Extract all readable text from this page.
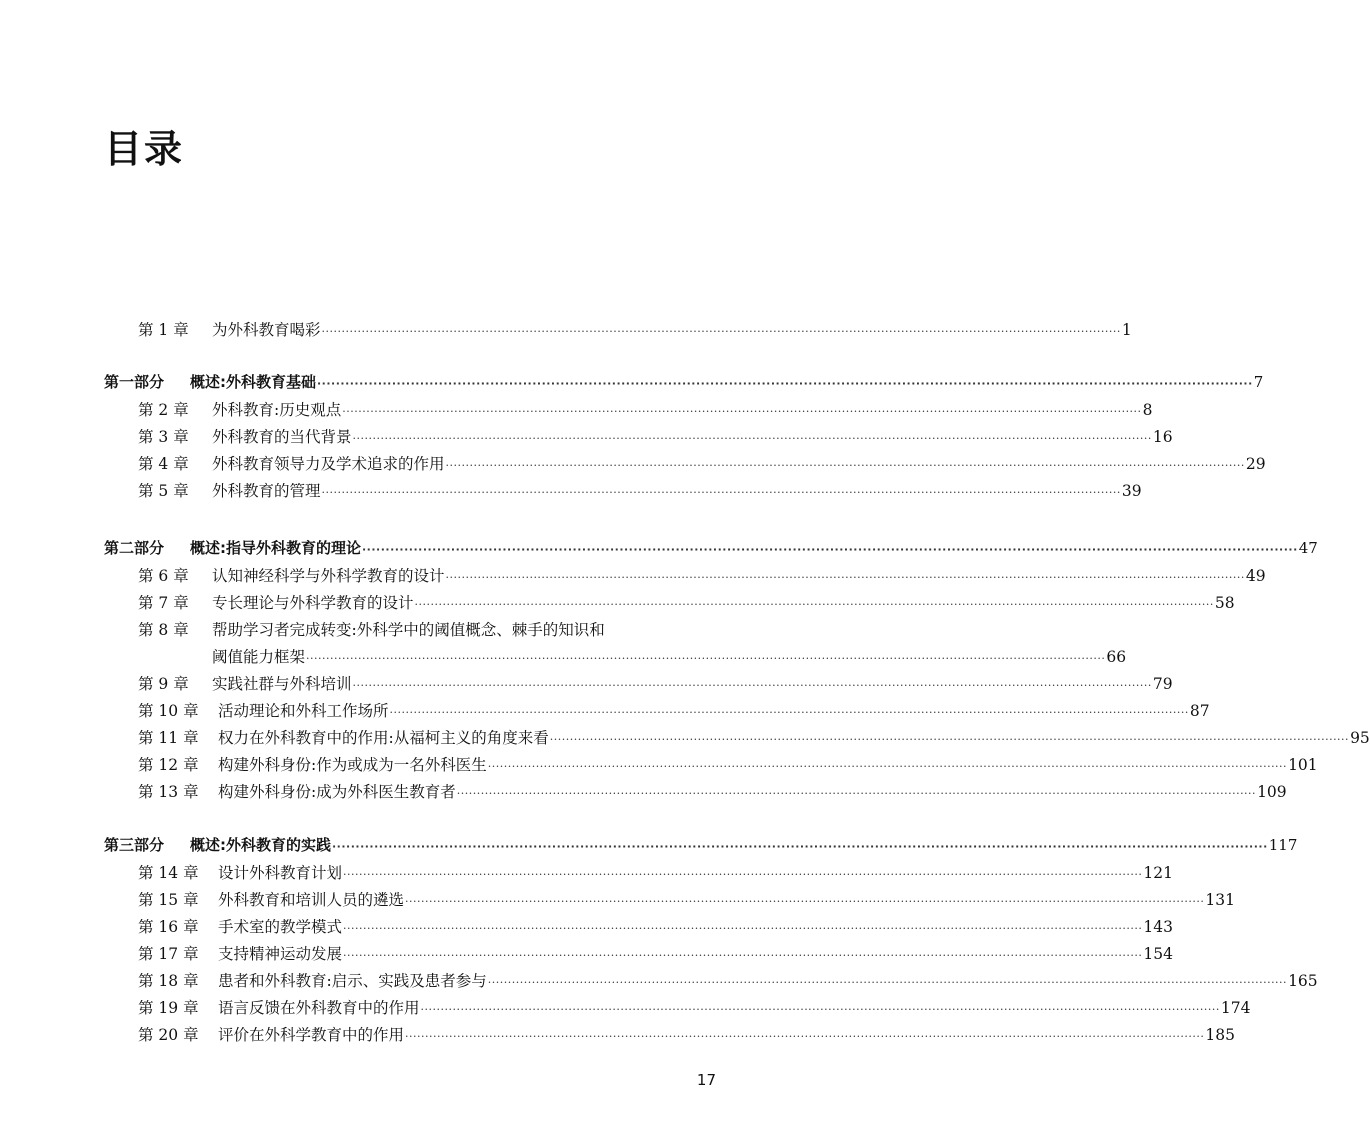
目录
第 1 章	为外科教育喝彩 ········································································································································································································ 1
第一部分	概述:外科教育基础 ········································································································································································································ 7
第 2 章	外科教育:历史观点 ········································································································································································································ 8
第 3 章	外科教育的当代背景 ········································································································································································································ 16
第 4 章	外科教育领导力及学术追求的作用 ········································································································································································································ 29
第 5 章	外科教育的管理 ········································································································································································································ 39
第二部分	概述:指导外科教育的理论 ········································································································································································································ 47
第 6 章	认知神经科学与外科学教育的设计 ········································································································································································································ 49
第 7 章	专长理论与外科学教育的设计 ········································································································································································································ 58
第 8 章 帮助学习者完成转变:外科学中的阈值概念、棘手的知识和
阈值能力框架 ········································································································································································································ 66
第 9 章	实践社群与外科培训 ········································································································································································································ 79
第 10 章	活动理论和外科工作场所 ········································································································································································································ 87
第 11 章	权力在外科教育中的作用:从福柯主义的角度来看 ········································································································································································································ 95
第 12 章	构建外科身份:作为或成为一名外科医生 ········································································································································································································ 101
第 13 章	构建外科身份:成为外科医生教育者 ········································································································································································································ 109
第三部分	概述:外科教育的实践 ········································································································································································································ 117
第 14 章	设计外科教育计划 ········································································································································································································ 121
第 15 章	外科教育和培训人员的遴选 ········································································································································································································ 131
第 16 章	手术室的教学模式 ········································································································································································································ 143
第 17 章	支持精神运动发展 ········································································································································································································ 154
第 18 章	患者和外科教育:启示、实践及患者参与 ········································································································································································································ 165
第 19 章	语言反馈在外科教育中的作用 ········································································································································································································ 174
第 20 章	评价在外科学教育中的作用 ········································································································································································································ 185
17
